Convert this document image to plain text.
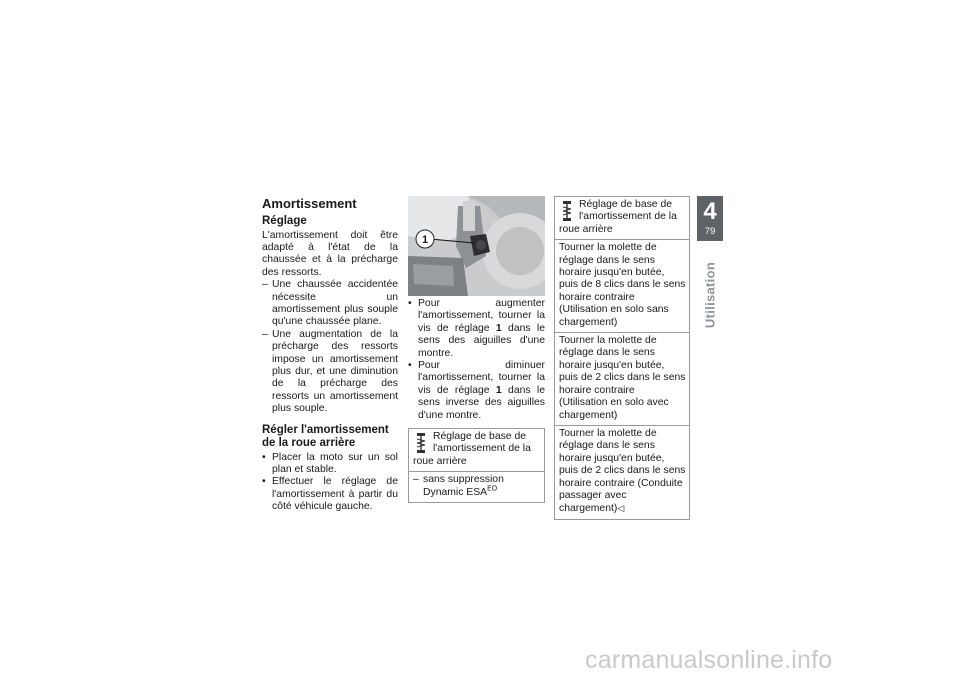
Amortissement
Réglage

L'amortissement doit être adapté à l'état de la chaussée et à la précharge des ressorts.

– Une chaussée accidentée nécessite un amortissement plus souple qu'une chaussée plane.
– Une augmentation de la précharge des ressorts impose un amortissement plus dur, et une diminution de la précharge des ressorts un amortissement plus souple.
Régler l'amortissement de la roue arrière
• Placer la moto sur un sol plan et stable.
• Effectuer le réglage de l'amortissement à partir du côté véhicule gauche.
1
• Pour augmenter l'amortissement, tourner la vis de réglage 1 dans le sens des aiguilles d'une montre.
• Pour diminuer l'amortissement, tourner la vis de réglage 1 dans le sens inverse des aiguilles d'une montre.
Réglage de base de l'amortissement de la
roue arrière
– sans suppression Dynamic $ESA^{EO}$
Réglage de base de l'amortissement de la
roue arrière
Tourner la molette de réglage dans le sens horaire jusqu'en butée, puis de 8 clics dans le sens horaire contraire (Utilisation en solo sans chargement)
Tourner la molette de réglage dans le sens horaire jusqu'en butée, puis de 2 clics dans le sens horaire contraire (Utilisation en solo avec chargement)
Tourner la molette de réglage dans le sens horaire jusqu'en butée, puis de 2 clics dans le sens horaire contraire (Conduite passager avec chargement)◁
4
79
Utilisation
carmanualsonline.info
